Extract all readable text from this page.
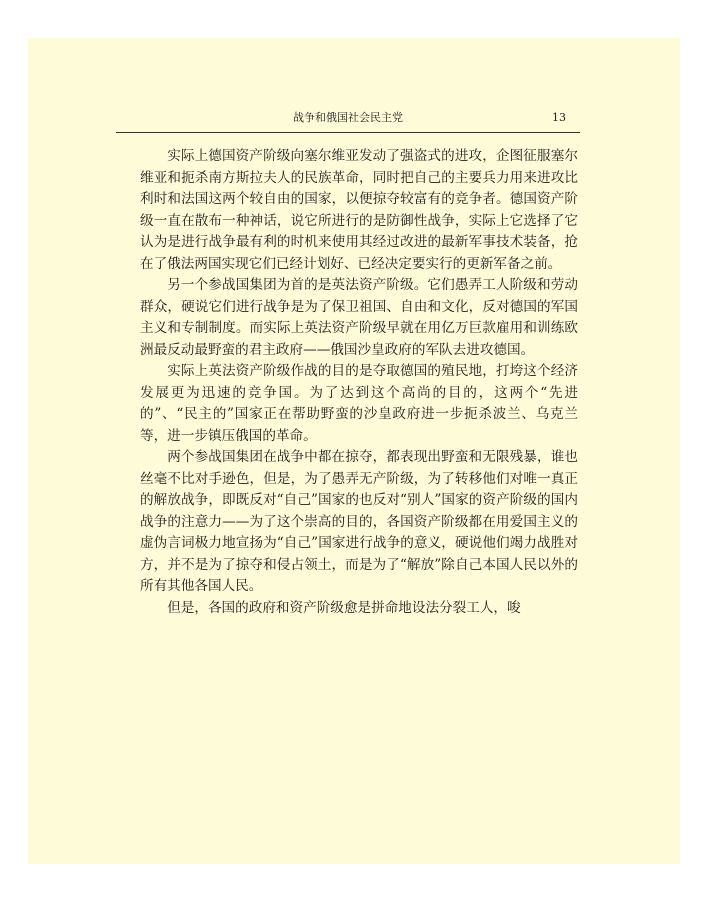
战争和俄国社会民主党	13

实际上德国资产阶级向塞尔维亚发动了强盗式的进攻，企图征服塞尔维亚和扼杀南方斯拉夫人的民族革命，同时把自己的主要兵力用来进攻比利时和法国这两个较自由的国家，以便掠夺较富有的竞争者。德国资产阶级一直在散布一种神话，说它所进行的是防御性战争，实际上它选择了它认为是进行战争最有利的时机来使用其经过改进的最新军事技术装备，抢在了俄法两国实现它们已经计划好、已经决定要实行的更新军备之前。

另一个参战国集团为首的是英法资产阶级。它们愚弄工人阶级和劳动群众，硬说它们进行战争是为了保卫祖国、自由和文化，反对德国的军国主义和专制制度。而实际上英法资产阶级早就在用亿万巨款雇用和训练欧洲最反动最野蛮的君主政府——俄国沙皇政府的军队去进攻德国。

实际上英法资产阶级作战的目的是夺取德国的殖民地，打垮这个经济发展更为迅速的竞争国。为了达到这个高尚的目的，这两个“先进的”、“民主的”国家正在帮助野蛮的沙皇政府进一步扼杀波兰、乌克兰等，进一步镇压俄国的革命。

两个参战国集团在战争中都在掠夺，都表现出野蛮和无限残暴，谁也丝毫不比对手逊色，但是，为了愚弄无产阶级，为了转移他们对唯一真正的解放战争，即既反对“自己”国家的也反对“别人”国家的资产阶级的国内战争的注意力——为了这个崇高的目的，各国资产阶级都在用爱国主义的虚伪言词极力地宣扬为“自己”国家进行战争的意义，硬说他们竭力战胜对方，并不是为了掠夺和侵占领土，而是为了“解放”除自己本国人民以外的所有其他各国人民。

但是，各国的政府和资产阶级愈是拼命地设法分裂工人，唆
